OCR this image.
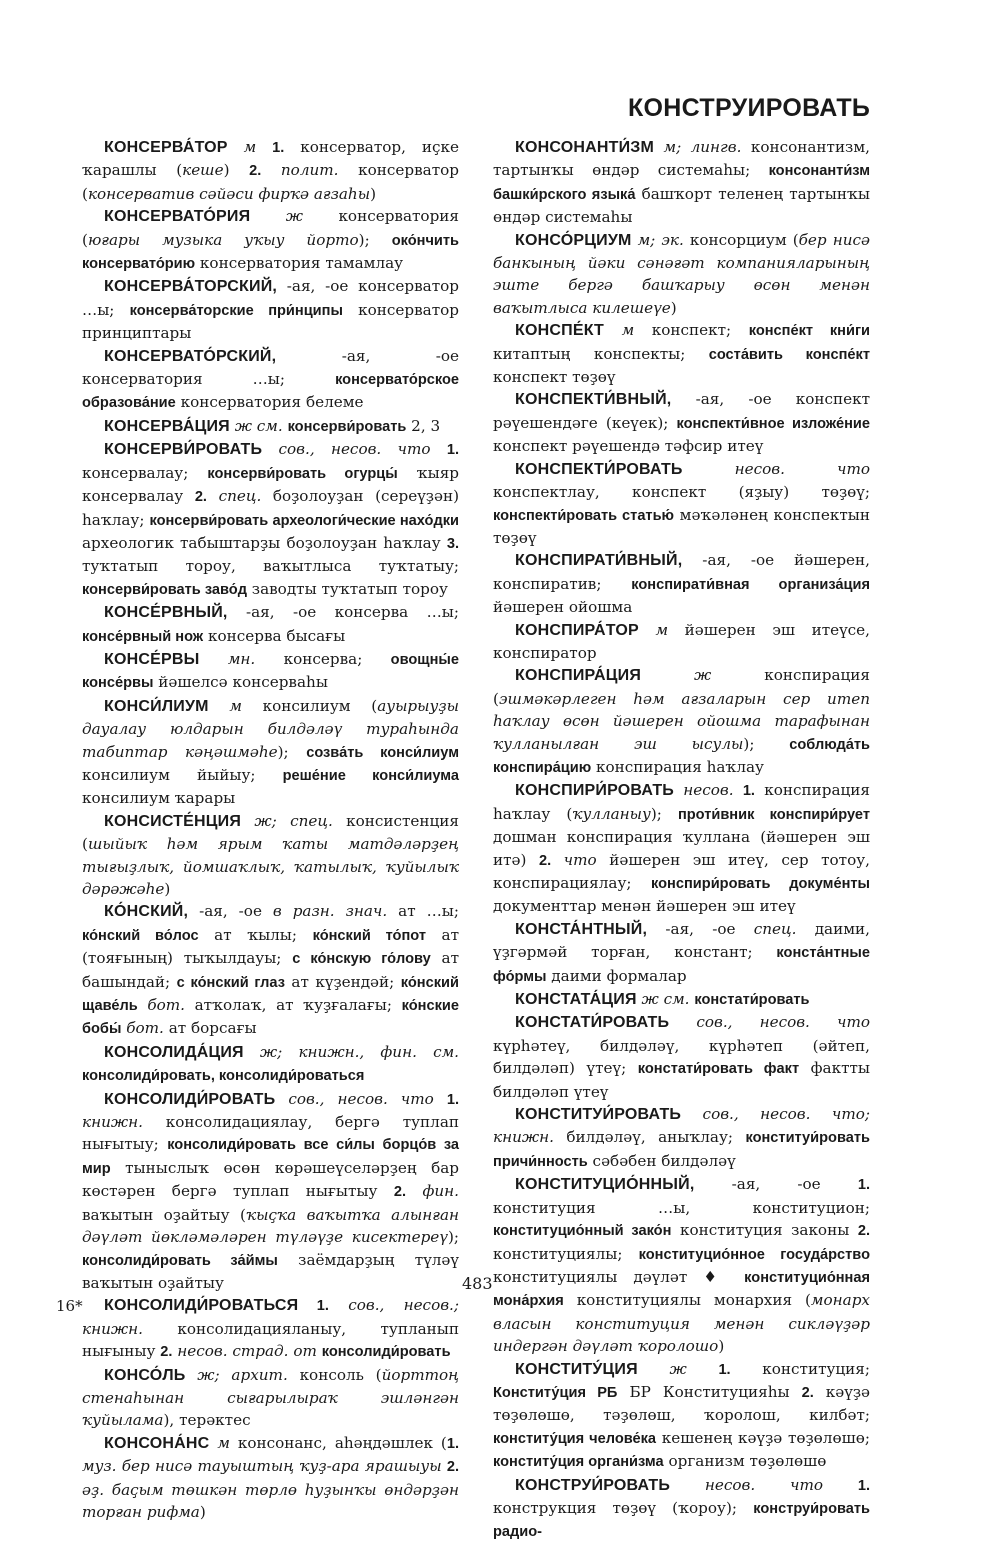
КОНСТРУИРОВАТЬ

КОНСЕРВА́ТОР м 1. консерватор, иҫке ҡарашлы (кеше) 2. полит. консерватор (консерватив сәйәси фирҡә ағзаһы)

КОНСЕРВАТО́РИЯ ж консерватория (юғары музыка уҡыу йорто); око́нчить консервато́рию консерватория тамамлау

КОНСЕРВА́ТОРСКИЙ, -ая, -ое консерватор …ы; консерва́торские при́нципы консерватор принциптары

КОНСЕРВАТО́РСКИЙ, -ая, -ое консерватория …ы; консервато́рское образова́ние консерватория белеме

КОНСЕРВА́ЦИЯ ж см. консерви́ровать 2, 3

КОНСЕРВИ́РОВАТЬ сов., несов. что 1. консервалау; консерви́ровать огурцы́ ҡыяр консервалау 2. спец. боҙолоуҙан (сереүҙән) һаҡлау; консерви́ровать археологи́ческие нахо́дки археологик табыштарҙы боҙолоуҙан һаҡлау 3. туҡтатып тороу, ваҡытлыса туҡтатыу; консерви́ровать заво́д заводты туҡтатып тороу

КОНСЕ́РВНЫЙ, -ая, -ое консерва …ы; консе́рвный нож консерва бысағы

КОНСЕ́РВЫ мн. консерва; овощны́е консе́рвы йәшелсә консерваһы

КОНСИ́ЛИУМ м консилиум (ауырыуҙы дауалау юлдарын билдәләү тураһында табиптар кәңәшмәһе); созва́ть конси́лиум консилиум йыйыу; реше́ние конси́лиума консилиум ҡарары

КОНСИСТЕ́НЦИЯ ж; спец. консистенция (шыйыҡ һәм ярым ҡаты матдәләрҙең тығыҙлыҡ, йомшаҡлыҡ, ҡатылыҡ, ҡуйылыҡ дәрәжәһе)

КО́НСКИЙ, -ая, -ое в разн. знач. ат …ы; ко́нский во́лос ат ҡылы; ко́нский то́пот ат (тояғының) тыҡылдауы; с ко́нскую го́лову ат башындай; с ко́нский глаз ат күҙендәй; ко́нский щаве́ль бот. атҡолаҡ, ат ҡуҙғалағы; ко́нские бобы́ бот. ат борсағы

КОНСОЛИДА́ЦИЯ ж; книжн., фин. см. консолиди́ровать, консолиди́роваться

КОНСОЛИДИ́РОВАТЬ сов., несов. что 1. книжн. консолидациялау, бергә туплап нығытыу; консолиди́ровать все си́лы борцо́в за мир тыныслыҡ өсөн көрәшеүселәрҙең бар көстәрен бергә туплап нығытыу 2. фин. ваҡытын оҙайтыу (ҡыҫҡа ваҡытҡа алынған дәүләт йөкләмәләрен түләүҙе кисектереү); консолиди́ровать за́ймы заёмдарҙың түләү ваҡытын оҙайтыу

КОНСОЛИДИ́РОВАТЬСЯ 1. сов., несов.; книжн. консолидацияланыу, тупланып нығыныу 2. несов. страд. от консолиди́ровать

КОНСО́ЛЬ ж; архит. консоль (йорттоң стенаһынан сығарылыраҡ эшләнгән ҡуйылама), терәктес

КОНСОНА́НС м консонанс, аһәңдәшлек (1. муз. бер нисә тауыштың ҡуҙ-ара ярашыуы 2. әҙ. баҫым төшкән төрлө һуҙынҡы өндәрҙән торған рифма)

КОНСОНАНТИ́ЗМ м; лингв. консонантизм, тартынҡы өндәр системаһы; консонанти́зм башки́рского языка́ башҡорт теленең тартынҡы өндәр системаһы

КОНСО́РЦИУМ м; эк. консорциум (бер нисә банкының йәки сәнәғәт компанияларының эште бергә башҡарыу өсөн менән ваҡытлыса килешеүе)

КОНСПЕ́КТ м конспект; конспе́кт кни́ги китаптың конспекты; соста́вить конспе́кт конспект төҙөү

КОНСПЕКТИ́ВНЫЙ, -ая, -ое конспект рәүешендәге (кеүек); конспекти́вное изложе́ние конспект рәүешендә тәфсир итеү

КОНСПЕКТИ́РОВАТЬ несов. что конспектлау, конспект (яҙыу) төҙөү; конспекти́ровать статью́ мәҡәләнең конспектын төҙөү

КОНСПИРАТИ́ВНЫЙ, -ая, -ое йәшерен, конспиратив; конспирати́вная организа́ция йәшерен ойошма

КОНСПИРА́ТОР м йәшерен эш итеүсе, конспиратор

КОНСПИРА́ЦИЯ ж конспирация (эшмәкәрлеген һәм ағзаларын сер итеп һаҡлау өсөн йәшерен ойошма тарафынан ҡулланылған эш ысулы); соблюда́ть конспира́цию конспирация һаҡлау

КОНСПИРИ́РОВАТЬ несов. 1. конспирация һаҡлау (ҡулланыу); проти́вник конспири́рует дошман конспирация ҡуллана (йәшерен эш итә) 2. что йәшерен эш итеү, сер тотоу, конспирациялау; конспири́ровать докуме́нты документтар менән йәшерен эш итеү

КОНСТА́НТНЫЙ, -ая, -ое спец. даими, үҙгәрмәй торған, констант; конста́нтные фо́рмы даими формалар

КОНСТАТА́ЦИЯ ж см. констати́ровать

КОНСТАТИ́РОВАТЬ сов., несов. что күрһәтеү, билдәләү, күрһәтеп (әйтеп, билдәләп) үтеү; констати́ровать факт фактты билдәләп үтеү

КОНСТИТУИ́РОВАТЬ сов., несов. что; книжн. билдәләү, аныҡлау; конституи́ровать причи́нность сәбәбен билдәләү

КОНСТИТУЦИО́ННЫЙ, -ая, -ое 1. конституция …ы, конституцион; конституцио́нный зако́н конституция законы 2. конституциялы; конституцио́нное госуда́рство конституциялы дәүләт ♦ конституцио́нная мона́рхия конституциялы монархия (монарх власын конституция менән сикләүҙәр индергән дәүләт ҡоролошо)

КОНСТИТУ́ЦИЯ ж 1. конституция; Конститу́ция РБ БР Конституцияһы 2. кәүҙә төҙөлөшө, тәҙөлөш, ҡоролош, килбәт; конститу́ция челове́ка кешенең кәүҙә төҙөлөшө; конститу́ция органи́зма организм төҙөлөшө

КОНСТРУИ́РОВАТЬ несов. что 1. конструкция төҙөү (ҡороу); конструи́ровать радио-

483
16*
